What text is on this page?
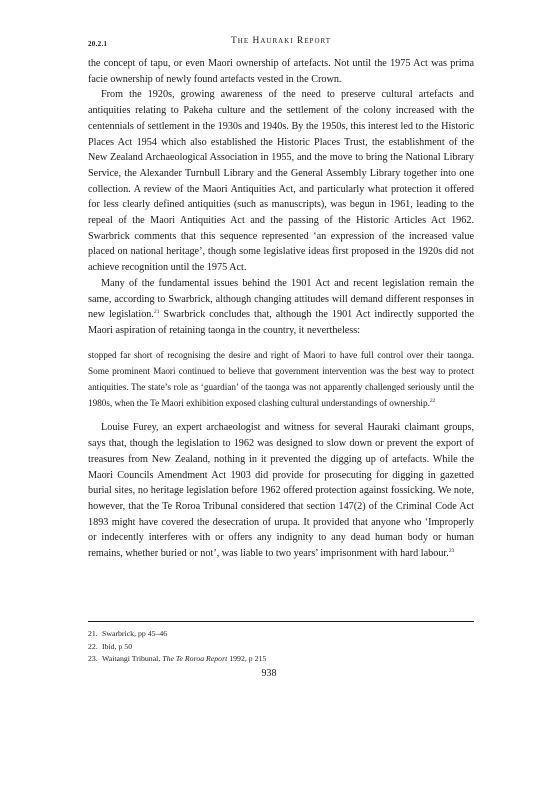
20.2.1	The Hauraki Report

the concept of tapu, or even Maori ownership of artefacts. Not until the 1975 Act was prima facie ownership of newly found artefacts vested in the Crown.

From the 1920s, growing awareness of the need to preserve cultural artefacts and antiquities relating to Pakeha culture and the settlement of the colony increased with the centennials of settlement in the 1930s and 1940s. By the 1950s, this interest led to the Historic Places Act 1954 which also established the Historic Places Trust, the establishment of the New Zealand Archaeological Association in 1955, and the move to bring the National Library Service, the Alexander Turnbull Library and the General Assembly Library together into one collection. A review of the Maori Antiquities Act, and particularly what protection it offered for less clearly defined antiquities (such as manuscripts), was begun in 1961, leading to the repeal of the Maori Antiquities Act and the passing of the Historic Articles Act 1962. Swarbrick comments that this sequence represented ‘an expression of the increased value placed on national heritage’, though some legislative ideas first proposed in the 1920s did not achieve recognition until the 1975 Act.

Many of the fundamental issues behind the 1901 Act and recent legislation remain the same, according to Swarbrick, although changing attitudes will demand different responses in new legislation.$^{21}$ Swarbrick concludes that, although the 1901 Act indirectly supported the Maori aspiration of retaining taonga in the country, it nevertheless:

stopped far short of recognising the desire and right of Maori to have full control over their taonga. Some prominent Maori continued to believe that government intervention was the best way to protect antiquities. The state’s role as ‘guardian’ of the taonga was not apparently challenged seriously until the 1980s, when the Te Maori exhibition exposed clashing cultural understandings of ownership.$^{22}$

Louise Furey, an expert archaeologist and witness for several Hauraki claimant groups, says that, though the legislation to 1962 was designed to slow down or prevent the export of treasures from New Zealand, nothing in it prevented the digging up of artefacts. While the Maori Councils Amendment Act 1903 did provide for prosecuting for digging in gazetted burial sites, no heritage legislation before 1962 offered protection against fossicking. We note, however, that the Te Roroa Tribunal considered that section 147(2) of the Criminal Code Act 1893 might have covered the desecration of urupa. It provided that anyone who ‘Improperly or indecently interferes with or offers any indignity to any dead human body or human remains, whether buried or not’, was liable to two years’ imprisonment with hard labour.$^{23}$

21. Swarbrick, pp 45–46
22. Ibid, p 50
23. Waitangi Tribunal, The Te Roroa Report 1992, p 215
938
